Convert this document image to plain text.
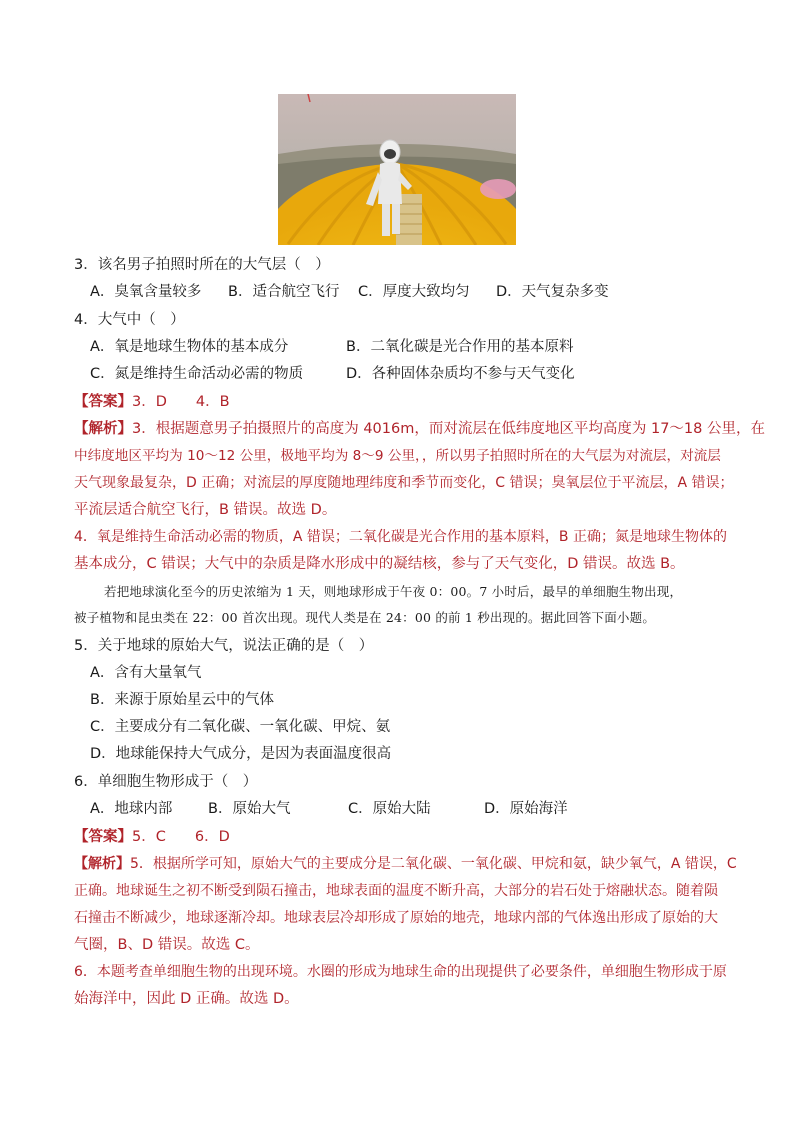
3．该名男子拍照时所在的大气层（　）
A．臭氧含量较多 B．适合航空飞行 C．厚度大致均匀 D．天气复杂多变
4．大气中（　）
A．氧是地球生物体的基本成分	B．二氧化碳是光合作用的基本原料
C．氮是维持生命活动必需的物质	D．各种固体杂质均不参与天气变化
【答案】3．D　　4．B
【解析】3．根据题意男子拍摄照片的高度为 4016m，而对流层在低纬度地区平均高度为 17～18 公里，在
中纬度地区平均为 10～12 公里，极地平均为 8～9 公里，，所以男子拍照时所在的大气层为对流层，对流层
天气现象最复杂，D 正确；对流层的厚度随地理纬度和季节而变化，C 错误；臭氧层位于平流层，A 错误；
平流层适合航空飞行，B 错误。故选 D。
4．氧是维持生命活动必需的物质，A 错误；二氧化碳是光合作用的基本原料，B 正确；氮是地球生物体的
基本成分，C 错误；大气中的杂质是降水形成中的凝结核，参与了天气变化，D 错误。故选 B。
若把地球演化至今的历史浓缩为 1 天，则地球形成于午夜 0：00。7 小时后，最早的单细胞生物出现，
被子植物和昆虫类在 22：00 首次出现。现代人类是在 24：00 的前 1 秒出现的。据此回答下面小题。
5．关于地球的原始大气，说法正确的是（　）
A．含有大量氧气
B．来源于原始星云中的气体
C．主要成分有二氧化碳、一氧化碳、甲烷、氨
D．地球能保持大气成分，是因为表面温度很高
6．单细胞生物形成于（　）
A．地球内部 B．原始大气	C．原始大陆	D．原始海洋
【答案】5．C　　6．D
【解析】5．根据所学可知，原始大气的主要成分是二氧化碳、一氧化碳、甲烷和氨，缺少氧气，A 错误，C
正确。地球诞生之初不断受到陨石撞击，地球表面的温度不断升高，大部分的岩石处于熔融状态。随着陨
石撞击不断减少，地球逐渐冷却。地球表层冷却形成了原始的地壳，地球内部的气体逸出形成了原始的大
气圈，B、D 错误。故选 C。
6．本题考查单细胞生物的出现环境。水圈的形成为地球生命的出现提供了必要条件，单细胞生物形成于原
始海洋中，因此 D 正确。故选 D。
